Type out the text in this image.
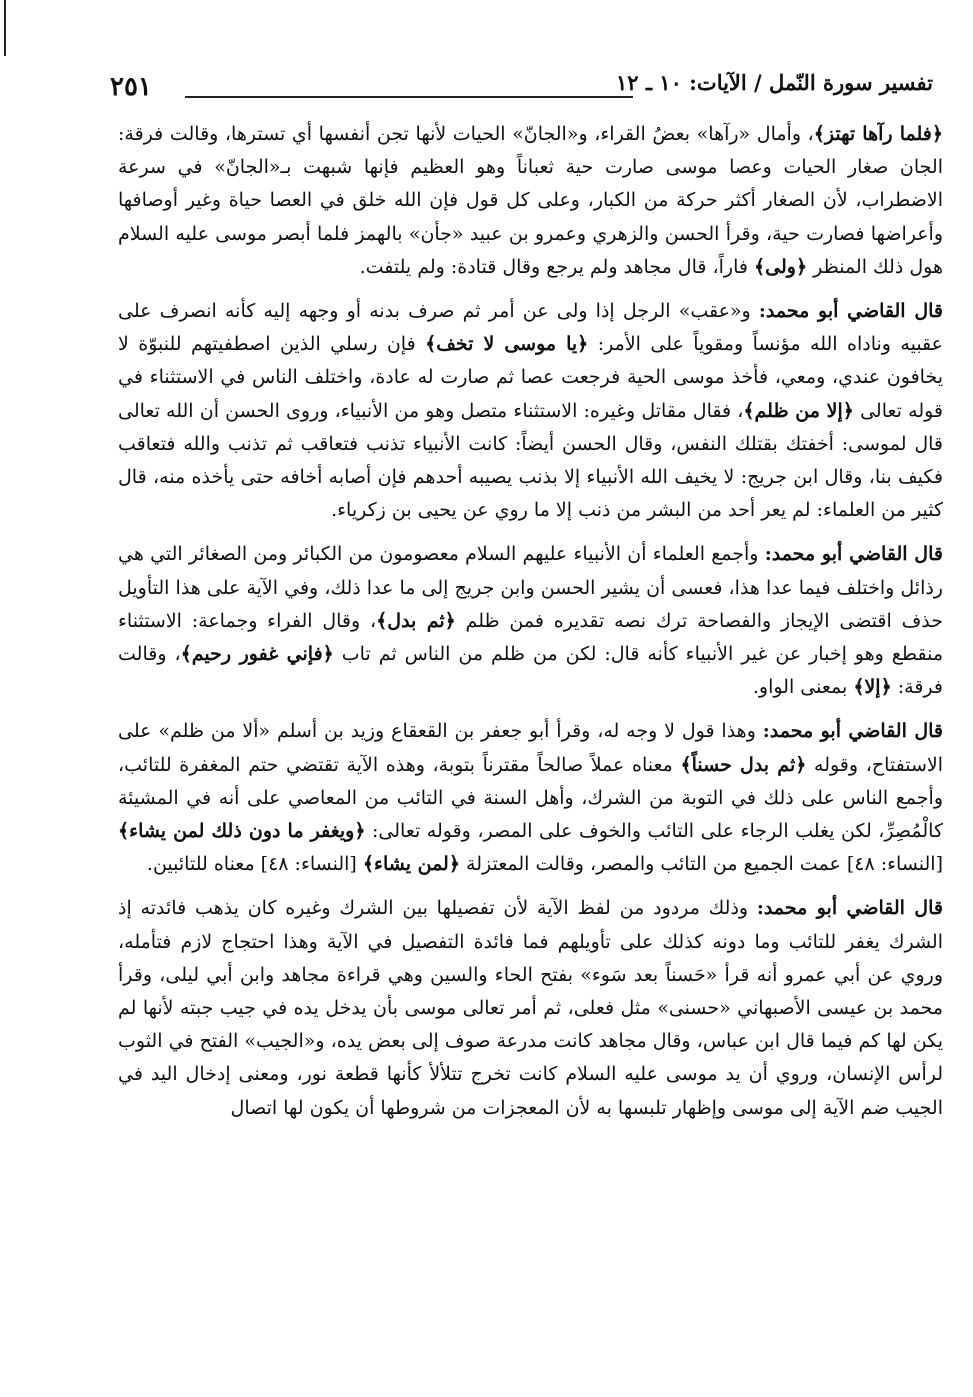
تفسير سورة النّمل / الآيات: ١٠ ـ ١٢
٢٥١

﴿فلما رآها تهتز﴾، وأمال «رآها» بعضُ القراء، و«الجانّ» الحيات لأنها تجن أنفسها أي تسترها، وقالت فرقة: الجان صغار الحيات وعصا موسى صارت حية ثعباناً وهو العظيم فإنها شبهت بـ«الجانّ» في سرعة الاضطراب، لأن الصغار أكثر حركة من الكبار، وعلى كل قول فإن الله خلق في العصا حياة وغير أوصافها وأعراضها فصارت حية، وقرأ الحسن والزهري وعمرو بن عبيد «جأن» بالهمز فلما أبصر موسى عليه السلام هول ذلك المنظر ﴿ولى﴾ فاراً، قال مجاهد ولم يرجع وقال قتادة: ولم يلتفت.

قال القاضي أبو محمد: و«عقب» الرجل إذا ولى عن أمر ثم صرف بدنه أو وجهه إليه كأنه انصرف على عقبيه وناداه الله مؤنساً ومقوياً على الأمر: ﴿يا موسى لا تخف﴾ فإن رسلي الذين اصطفيتهم للنبوّة لا يخافون عندي، ومعي، فأخذ موسى الحية فرجعت عصا ثم صارت له عادة، واختلف الناس في الاستثناء في قوله تعالى ﴿إلا من ظلم﴾، فقال مقاتل وغيره: الاستثناء متصل وهو من الأنبياء، وروى الحسن أن الله تعالى قال لموسى: أخفتك بقتلك النفس، وقال الحسن أيضاً: كانت الأنبياء تذنب فتعاقب ثم تذنب والله فتعاقب فكيف بنا، وقال ابن جريج: لا يخيف الله الأنبياء إلا بذنب يصيبه أحدهم فإن أصابه أخافه حتى يأخذه منه، قال كثير من العلماء: لم يعر أحد من البشر من ذنب إلا ما روي عن يحيى بن زكرياء.

قال القاضي أبو محمد: وأجمع العلماء أن الأنبياء عليهم السلام معصومون من الكبائر ومن الصغائر التي هي رذائل واختلف فيما عدا هذا، فعسى أن يشير الحسن وابن جريج إلى ما عدا ذلك، وفي الآية على هذا التأويل حذف اقتضى الإيجاز والفصاحة ترك نصه تقديره فمن ظلم ﴿ثم بدل﴾، وقال الفراء وجماعة: الاستثناء منقطع وهو إخبار عن غير الأنبياء كأنه قال: لكن من ظلم من الناس ثم تاب ﴿فإني غفور رحيم﴾، وقالت فرقة: ﴿إلا﴾ بمعنى الواو.

قال القاضي أبو محمد: وهذا قول لا وجه له، وقرأ أبو جعفر بن القعقاع وزيد بن أسلم «ألا من ظلم» على الاستفتاح، وقوله ﴿ثم بدل حسناً﴾ معناه عملاً صالحاً مقترناً بتوبة، وهذه الآية تقتضي حتم المغفرة للتائب، وأجمع الناس على ذلك في التوبة من الشرك، وأهل السنة في التائب من المعاصي على أنه في المشيئة كالْمُصِرِّ، لكن يغلب الرجاء على التائب والخوف على المصر، وقوله تعالى: ﴿ويغفر ما دون ذلك لمن يشاء﴾ [النساء: ٤٨] عمت الجميع من التائب والمصر، وقالت المعتزلة ﴿لمن يشاء﴾ [النساء: ٤٨] معناه للتائبين.

قال القاضي أبو محمد: وذلك مردود من لفظ الآية لأن تفصيلها بين الشرك وغيره كان يذهب فائدته إذ الشرك يغفر للتائب وما دونه كذلك على تأويلهم فما فائدة التفصيل في الآية وهذا احتجاج لازم فتأمله، وروي عن أبي عمرو أنه قرأ «حَسناً بعد سَوء» بفتح الحاء والسين وهي قراءة مجاهد وابن أبي ليلى، وقرأ محمد بن عيسى الأصبهاني «حسنى» مثل فعلى، ثم أمر تعالى موسى بأن يدخل يده في جيب جبته لأنها لم يكن لها كم فيما قال ابن عباس، وقال مجاهد كانت مدرعة صوف إلى بعض يده، و«الجيب» الفتح في الثوب لرأس الإنسان، وروي أن يد موسى عليه السلام كانت تخرج تتلألأ كأنها قطعة نور، ومعنى إدخال اليد في الجيب ضم الآية إلى موسى وإظهار تلبسها به لأن المعجزات من شروطها أن يكون لها اتصال
